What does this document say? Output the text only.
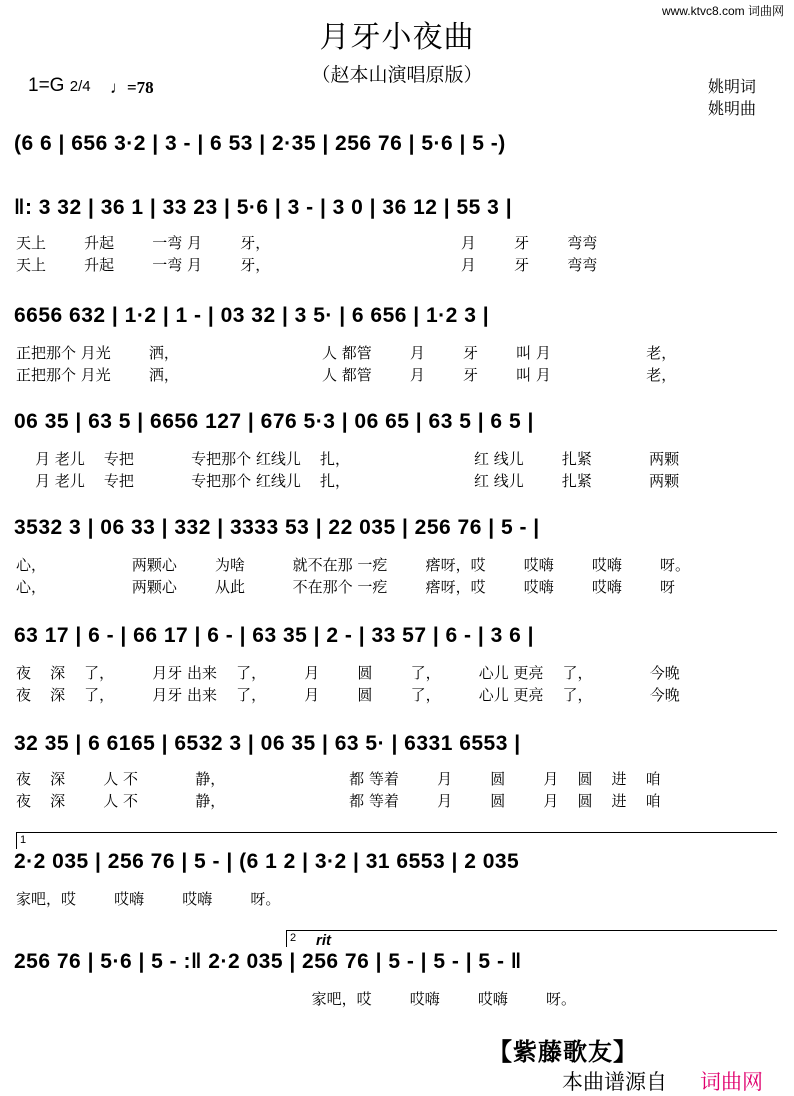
www.ktvc8.com 词曲网
月牙小夜曲
（赵本山演唱原版）
1=G 2/4 ♩=78	姚明词
姚明曲
(6 6 | 656 3·2 | 3 - | 6 53 | 2·35 | 256 76 | 5·6 | 5 -)
‖: 3 32 | 36 1 | 33 23 | 5·6 | 3 - | 3 0 | 36 12 | 55 3 |
天上        升起        一弯 月        牙，                                        月        牙        弯弯
天上        升起        一弯 月        牙，                                        月        牙        弯弯
6656 632 | 1·2 | 1 - | 03 32 | 3 5· | 6 656 | 1·2 3 |
正把那个 月光        洒，                              人 都管        月        牙        叫 月                    老，
正把那个 月光        洒，                              人 都管        月        牙        叫 月                    老，
06 35 | 63 5 | 6656 127 | 676 5·3 | 06 65 | 63 5 | 6 5 |
月 老儿    专把            专把那个 红线儿    扎，                          红 线儿        扎紧            两颗
月 老儿    专把            专把那个 红线儿    扎，                          红 线儿        扎紧            两颗
3532 3 | 06 33 | 332 | 3333 53 | 22 035 | 256 76 | 5 - |
心，                  两颗心        为啥          就不在那 一疙        瘩呀，哎        哎嗨        哎嗨        呀。
心，                  两颗心        从此          不在那个 一疙        瘩呀，哎        哎嗨        哎嗨        呀
63 17 | 6 - | 66 17 | 6 - | 63 35 | 2 - | 33 57 | 6 - | 3 6 |
夜    深    了，        月牙 出来    了，        月        圆        了，        心儿 更亮    了，            今晚
夜    深    了，        月牙 出来    了，        月        圆        了，        心儿 更亮    了，            今晚
32 35 | 6 6165 | 6532 3 | 06 35 | 63 5· | 6331 6553 |
夜    深        人 不            静，                          都 等着        月        圆        月    圆    进    咱
夜    深        人 不            静，                          都 等着        月        圆        月    圆    进    咱
1
2·2 035 | 256 76 | 5 - | (6 1 2 | 3·2 | 31 6553 | 2 035
家吧，哎        哎嗨        哎嗨        呀。
2 rit
256 76 | 5·6 | 5 - :‖ 2·2 035 | 256 76 | 5 - | 5 - | 5 - ‖
家吧，哎        哎嗨        哎嗨        呀。
【紫藤歌友】
本曲谱源自 词曲网
